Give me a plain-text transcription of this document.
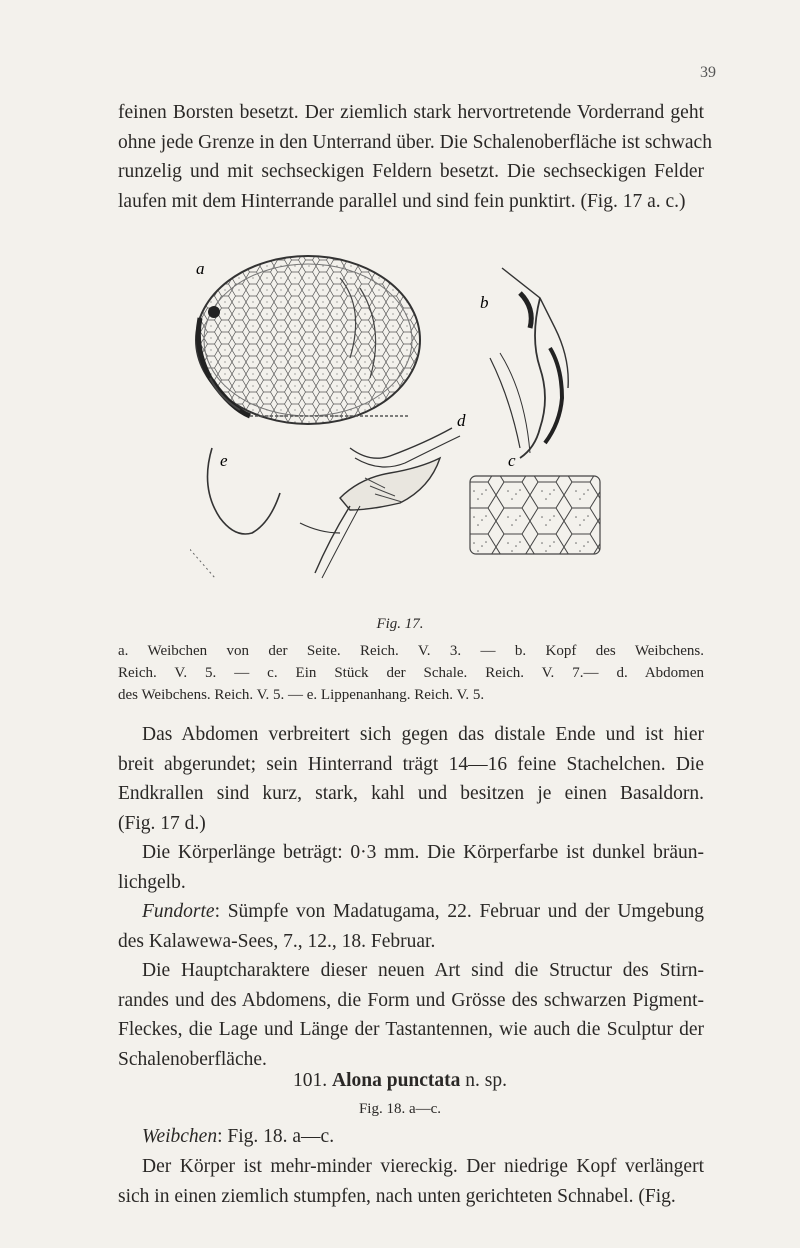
39

feinen Borsten besetzt. Der ziemlich stark hervortretende Vorderrand geht
ohne jede Grenze in den Unterrand über. Die Schalenoberfläche ist schwach
runzelig und mit sechseckigen Feldern besetzt. Die sechseckigen Felder
laufen mit dem Hinterrande parallel und sind fein punktirt. (Fig. 17 a. c.)

a
d
e
b
c
Fig. 17.

a. Weibchen von der Seite. Reich. V. 3. — b. Kopf des Weibchens.
Reich. V. 5. — c. Ein Stück der Schale. Reich. V. 7.— d. Abdomen
des Weibchens. Reich. V. 5. — e. Lippenanhang. Reich. V. 5.

Das Abdomen verbreitert sich gegen das distale Ende und ist hier
breit abgerundet; sein Hinterrand trägt 14—16 feine Stachelchen. Die
Endkrallen sind kurz, stark, kahl und besitzen je einen Basaldorn.
(Fig. 17 d.)

Die Körperlänge beträgt: 0·3 mm. Die Körperfarbe ist dunkel bräun-
lichgelb.

Fundorte: Sümpfe von Madatugama, 22. Februar und der Umgebung
des Kalawewa-Sees, 7., 12., 18. Februar.

Die Hauptcharaktere dieser neuen Art sind die Structur des Stirn-
randes und des Abdomens, die Form und Grösse des schwarzen Pigment-
Fleckes, die Lage und Länge der Tastantennen, wie auch die Sculptur der
Schalenoberfläche.

101. Alona punctata n. sp.
Fig. 18. a—c.

Weibchen: Fig. 18. a—c.

Der Körper ist mehr-minder viereckig. Der niedrige Kopf verlängert
sich in einen ziemlich stumpfen, nach unten gerichteten Schnabel. (Fig.
